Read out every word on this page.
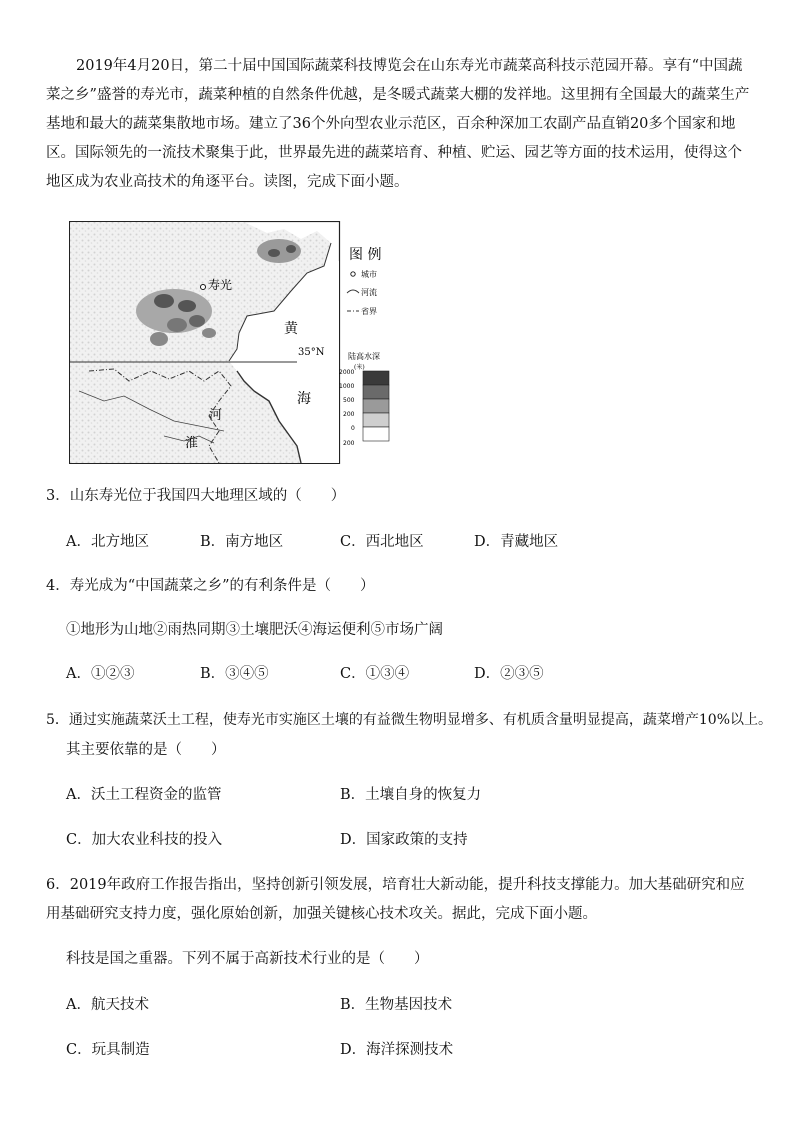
2019年4月20日，第二十届中国国际蔬菜科技博览会在山东寿光市蔬菜高科技示范园开幕。享有“中国蔬菜之乡”盛誉的寿光市，蔬菜种植的自然条件优越，是冬暖式蔬菜大棚的发祥地。这里拥有全国最大的蔬菜生产基地和最大的蔬菜集散地市场。建立了36个外向型农业示范区，百余种深加工农副产品直销20多个国家和地区。国际领先的一流技术聚集于此，世界最先进的蔬菜培育、种植、贮运、园艺等方面的技术运用，使得这个地区成为农业高技术的角逐平台。读图，完成下面小题。
35°N
寿光
黄
海
河
淮
图 例
城市
河流
省界
陆高水深
(米)
2000
1000
500
200
0
200
3．山东寿光位于我国四大地理区域的（　　）
A．北方地区	B．南方地区	C．西北地区	D．青藏地区
4．寿光成为“中国蔬菜之乡”的有利条件是（　　）
①地形为山地②雨热同期③土壤肥沃④海运便利⑤市场广阔
A．①②③	B．③④⑤	C．①③④	D．②③⑤
5．通过实施蔬菜沃土工程，使寿光市实施区土壤的有益微生物明显增多、有机质含量明显提高，蔬菜增产10%以上。
其主要依靠的是（　　）
A．沃土工程资金的监管	B．土壤自身的恢复力
C．加大农业科技的投入	D．国家政策的支持
6．2019年政府工作报告指出，坚持创新引领发展，培育壮大新动能，提升科技支撑能力。加大基础研究和应用基础研究支持力度，强化原始创新，加强关键核心技术攻关。据此，完成下面小题。
科技是国之重器。下列不属于高新技术行业的是（　　）
A．航天技术	B．生物基因技术
C．玩具制造	D．海洋探测技术
